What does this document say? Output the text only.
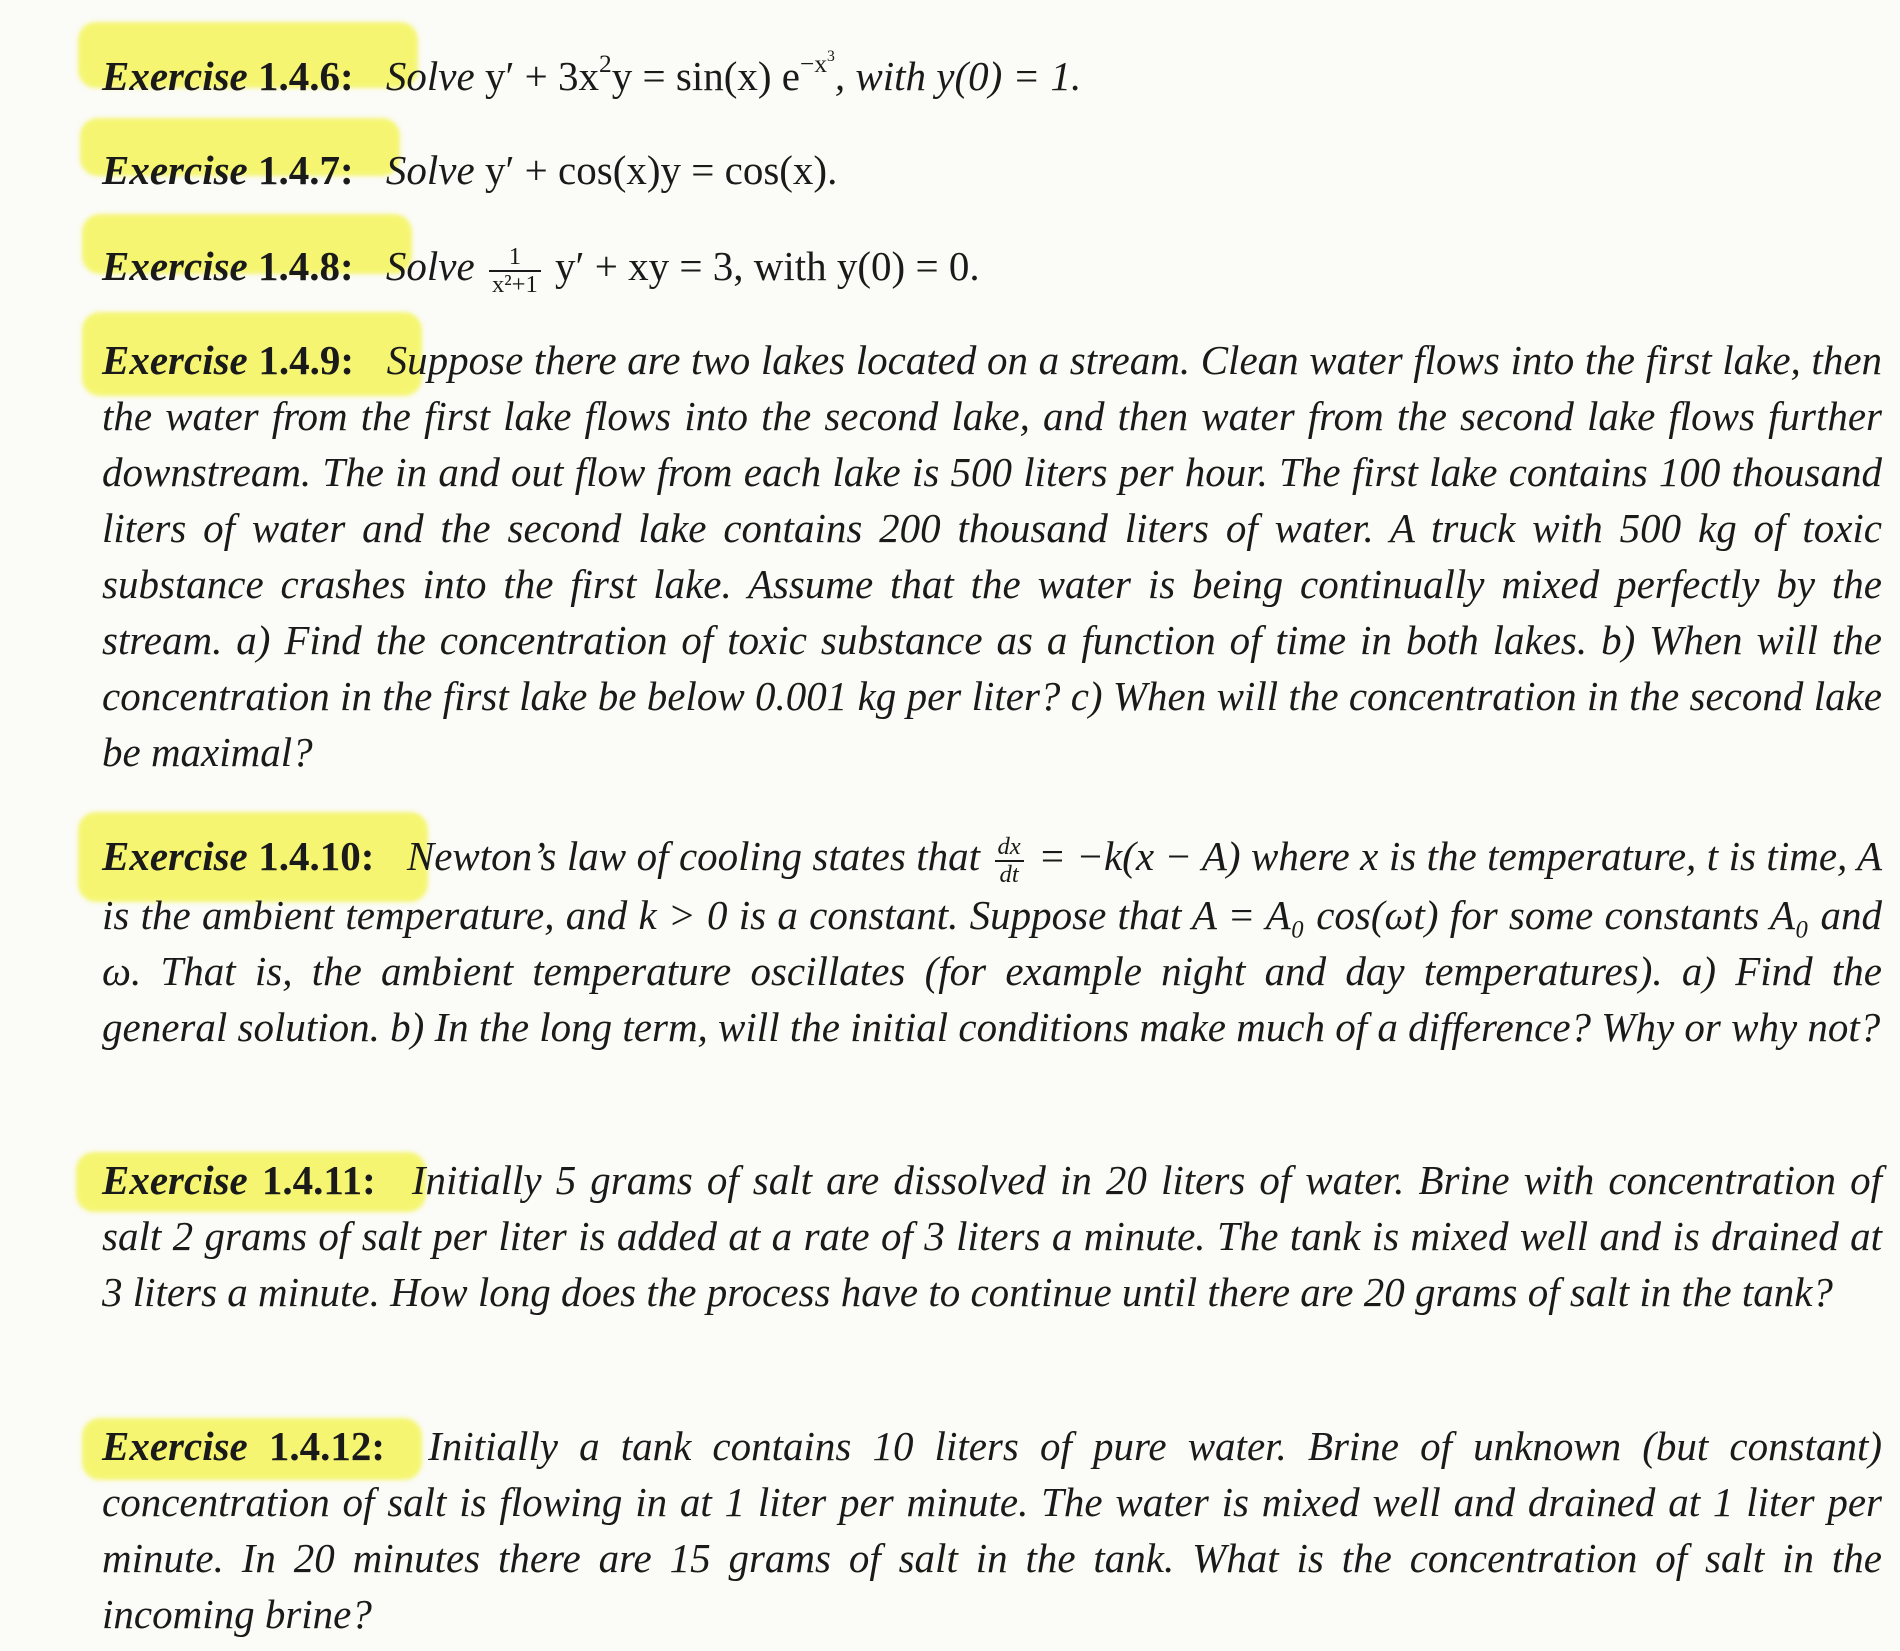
Exercise 1.4.6: Solve $y' + 3x^2y = \sin(x)$ $e^{-x^3}$, with y(0) = 1.
Exercise 1.4.7: Solve y′ + cos(x)y = cos(x).
Exercise 1.4.8: Solve $\frac{1}{\text{x²+1}} y'$ + xy = 3, with y(0) = 0.
Exercise 1.4.9: Suppose there are two lakes located on a stream. Clean water flows into the first lake, then the water from the first lake flows into the second lake, and then water from the second lake flows further downstream. The in and out flow from each lake is 500 liters per hour. The first lake contains 100 thousand liters of water and the second lake contains 200 thousand liters of water. A truck with 500 kg of toxic substance crashes into the first lake. Assume that the water is being continually mixed perfectly by the stream. a) Find the concentration of toxic substance as a function of time in both lakes. b) When will the concentration in the first lake be below 0.001 kg per liter? c) When will the concentration in the second lake be maximal?
Exercise 1.4.10: Newton’s law of cooling states that $\frac{dx}{dt} = -k(x - A)$ where x is the temperature, t is time, A is the ambient temperature, and k > 0 is a constant. Suppose that A = A₀ cos(ωt) for some constants A₀ and ω. That is, the ambient temperature oscillates (for example night and day temperatures). a) Find the general solution. b) In the long term, will the initial conditions make much of a difference? Why or why not?
Exercise 1.4.11: Initially 5 grams of salt are dissolved in 20 liters of water. Brine with concentration of salt 2 grams of salt per liter is added at a rate of 3 liters a minute. The tank is mixed well and is drained at 3 liters a minute. How long does the process have to continue until there are 20 grams of salt in the tank?
Exercise 1.4.12: Initially a tank contains 10 liters of pure water. Brine of unknown (but constant) concentration of salt is flowing in at 1 liter per minute. The water is mixed well and drained at 1 liter per minute. In 20 minutes there are 15 grams of salt in the tank. What is the concentration of salt in the incoming brine?
